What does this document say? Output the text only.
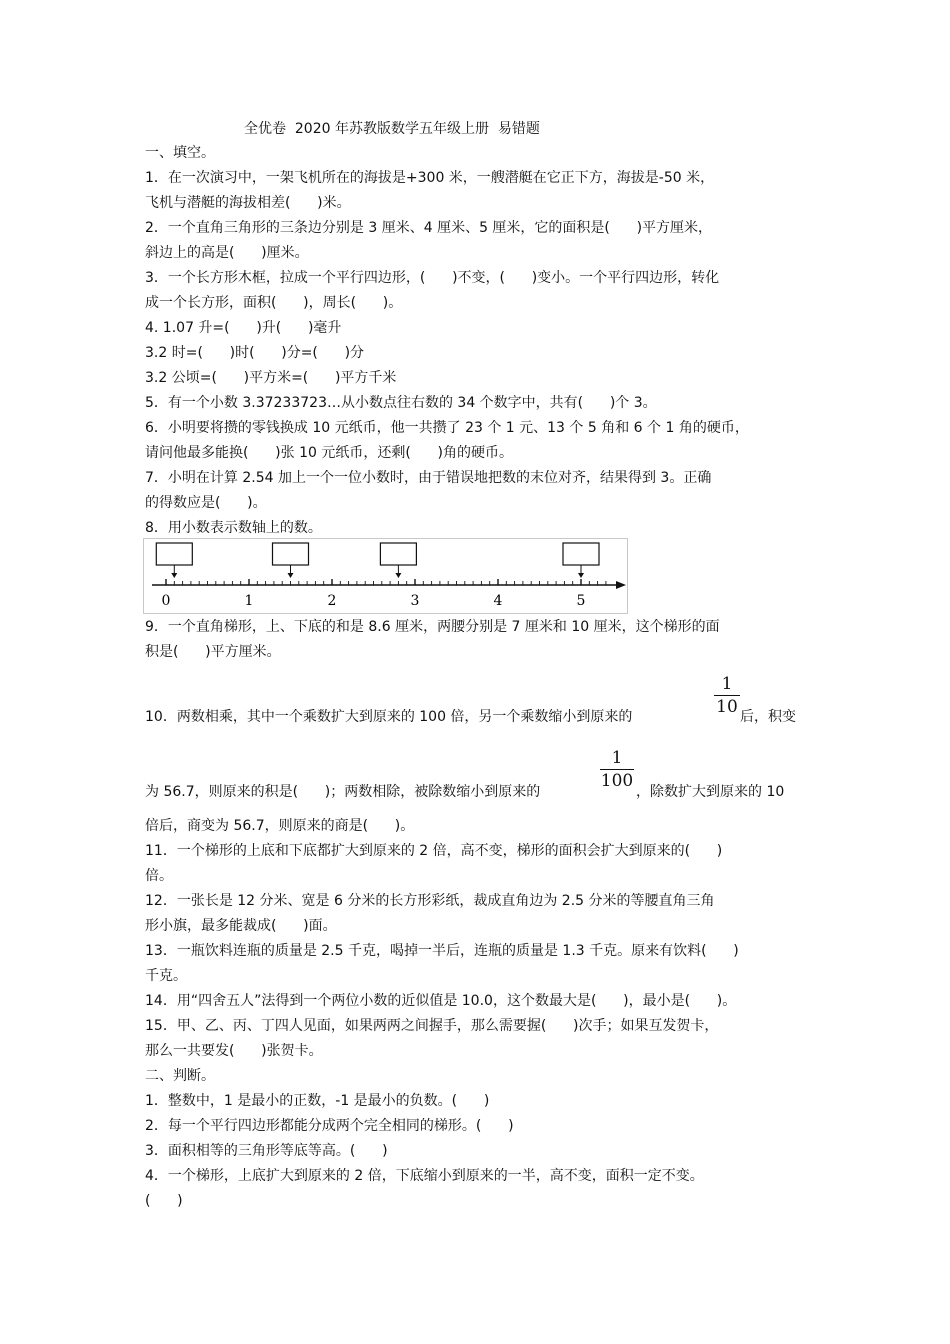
全优卷  2020 年苏教版数学五年级上册  易错题
一、填空。
1．在一次演习中，一架飞机所在的海拔是+300 米，一艘潜艇在它正下方，海拔是-50 米，
飞机与潜艇的海拔相差(      )米。
2．一个直角三角形的三条边分别是 3 厘米、4 厘米、5 厘米，它的面积是(      )平方厘米，
斜边上的高是(      )厘米。
3．一个长方形木框，拉成一个平行四边形，(      )不变，(      )变小。一个平行四边形，转化
成一个长方形，面积(      )，周长(      )。
4. 1.07 升=(      )升(      )毫升
3.2 时=(      )时(      )分=(      )分
3.2 公顷=(      )平方米=(      )平方千米
5．有一个小数 3.37233723…从小数点往右数的 34 个数字中，共有(      )个 3。
6．小明要将攒的零钱换成 10 元纸币，他一共攒了 23 个 1 元、13 个 5 角和 6 个 1 角的硬币，
请问他最多能换(      )张 10 元纸币，还剩(      )角的硬币。
7．小明在计算 2.54 加上一个一位小数时，由于错误地把数的末位对齐，结果得到 3。正确
的得数应是(      )。
8．用小数表示数轴上的数。
0	1	2	3	4	5
9．一个直角梯形，上、下底的和是 8.6 厘米，两腰分别是 7 厘米和 10 厘米，这个梯形的面
积是(      )平方厘米。
1
10
10．两数相乘，其中一个乘数扩大到原来的 100 倍，另一个乘数缩小到原来的	后，积变
1
100
为 56.7，则原来的积是(      )；两数相除，被除数缩小到原来的	，除数扩大到原来的 10
倍后，商变为 56.7，则原来的商是(      )。
11．一个梯形的上底和下底都扩大到原来的 2 倍，高不变，梯形的面积会扩大到原来的(      )
倍。
12．一张长是 12 分米、宽是 6 分米的长方形彩纸，裁成直角边为 2.5 分米的等腰直角三角
形小旗，最多能裁成(      )面。
13．一瓶饮料连瓶的质量是 2.5 千克，喝掉一半后，连瓶的质量是 1.3 千克。原来有饮料(      )
千克。
14．用“四舍五人”法得到一个两位小数的近似值是 10.0，这个数最大是(      )，最小是(      )。
15．甲、乙、丙、丁四人见面，如果两两之间握手，那么需要握(      )次手；如果互发贺卡，
那么一共要发(      )张贺卡。
二、判断。
1．整数中，1 是最小的正数，-1 是最小的负数。(      )
2．每一个平行四边形都能分成两个完全相同的梯形。(      )
3．面积相等的三角形等底等高。(      )
4．一个梯形，上底扩大到原来的 2 倍，下底缩小到原来的一半，高不变，面积一定不变。
(      )
